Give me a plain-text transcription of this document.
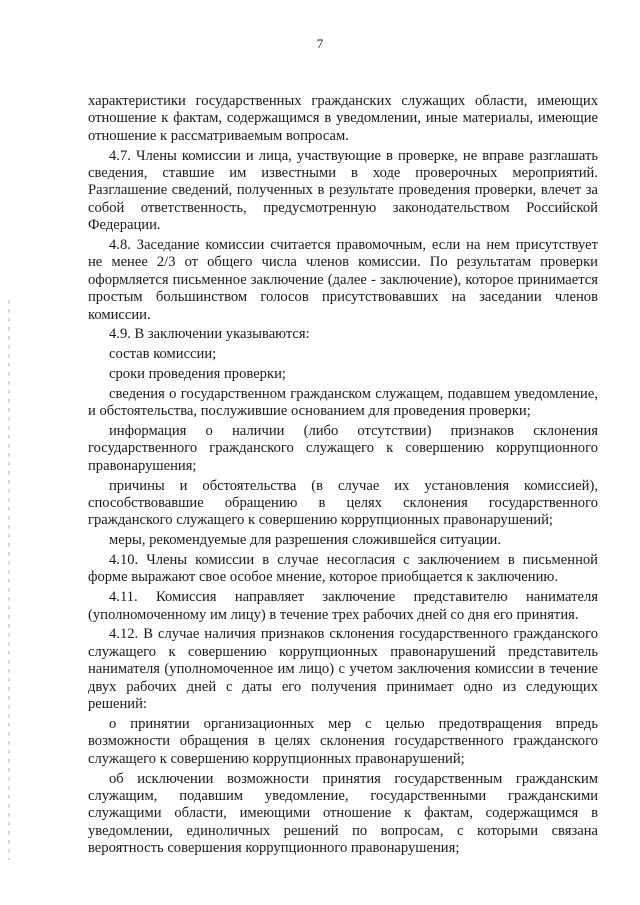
7

характеристики государственных гражданских служащих области, имеющих отношение к фактам, содержащимся в уведомлении, иные материалы, имеющие отношение к рассматриваемым вопросам.

4.7. Члены комиссии и лица, участвующие в проверке, не вправе разглашать сведения, ставшие им известными в ходе проверочных мероприятий. Разглашение сведений, полученных в результате проведения проверки, влечет за собой ответственность, предусмотренную законодательством Российской Федерации.

4.8. Заседание комиссии считается правомочным, если на нем присутствует не менее 2/3 от общего числа членов комиссии. По результатам проверки оформляется письменное заключение (далее - заключение), которое принимается простым большинством голосов присутствовавших на заседании членов комиссии.

4.9. В заключении указываются:

состав комиссии;

сроки проведения проверки;

сведения о государственном гражданском служащем, подавшем уведомление, и обстоятельства, послужившие основанием для проведения проверки;

информация о наличии (либо отсутствии) признаков склонения государственного гражданского служащего к совершению коррупционного правонарушения;

причины и обстоятельства (в случае их установления комиссией), способствовавшие обращению в целях склонения государственного гражданского служащего к совершению коррупционных правонарушений;

меры, рекомендуемые для разрешения сложившейся ситуации.

4.10. Члены комиссии в случае несогласия с заключением в письменной форме выражают свое особое мнение, которое приобщается к заключению.

4.11. Комиссия направляет заключение представителю нанимателя (уполномоченному им лицу) в течение трех рабочих дней со дня его принятия.

4.12. В случае наличия признаков склонения государственного гражданского служащего к совершению коррупционных правонарушений представитель нанимателя (уполномоченное им лицо) с учетом заключения комиссии в течение двух рабочих дней с даты его получения принимает одно из следующих решений:

о принятии организационных мер с целью предотвращения впредь возможности обращения в целях склонения государственного гражданского служащего к совершению коррупционных правонарушений;

об исключении возможности принятия государственным гражданским служащим, подавшим уведомление, государственными гражданскими служащими области, имеющими отношение к фактам, содержащимся в уведомлении, единоличных решений по вопросам, с которыми связана вероятность совершения коррупционного правонарушения;
